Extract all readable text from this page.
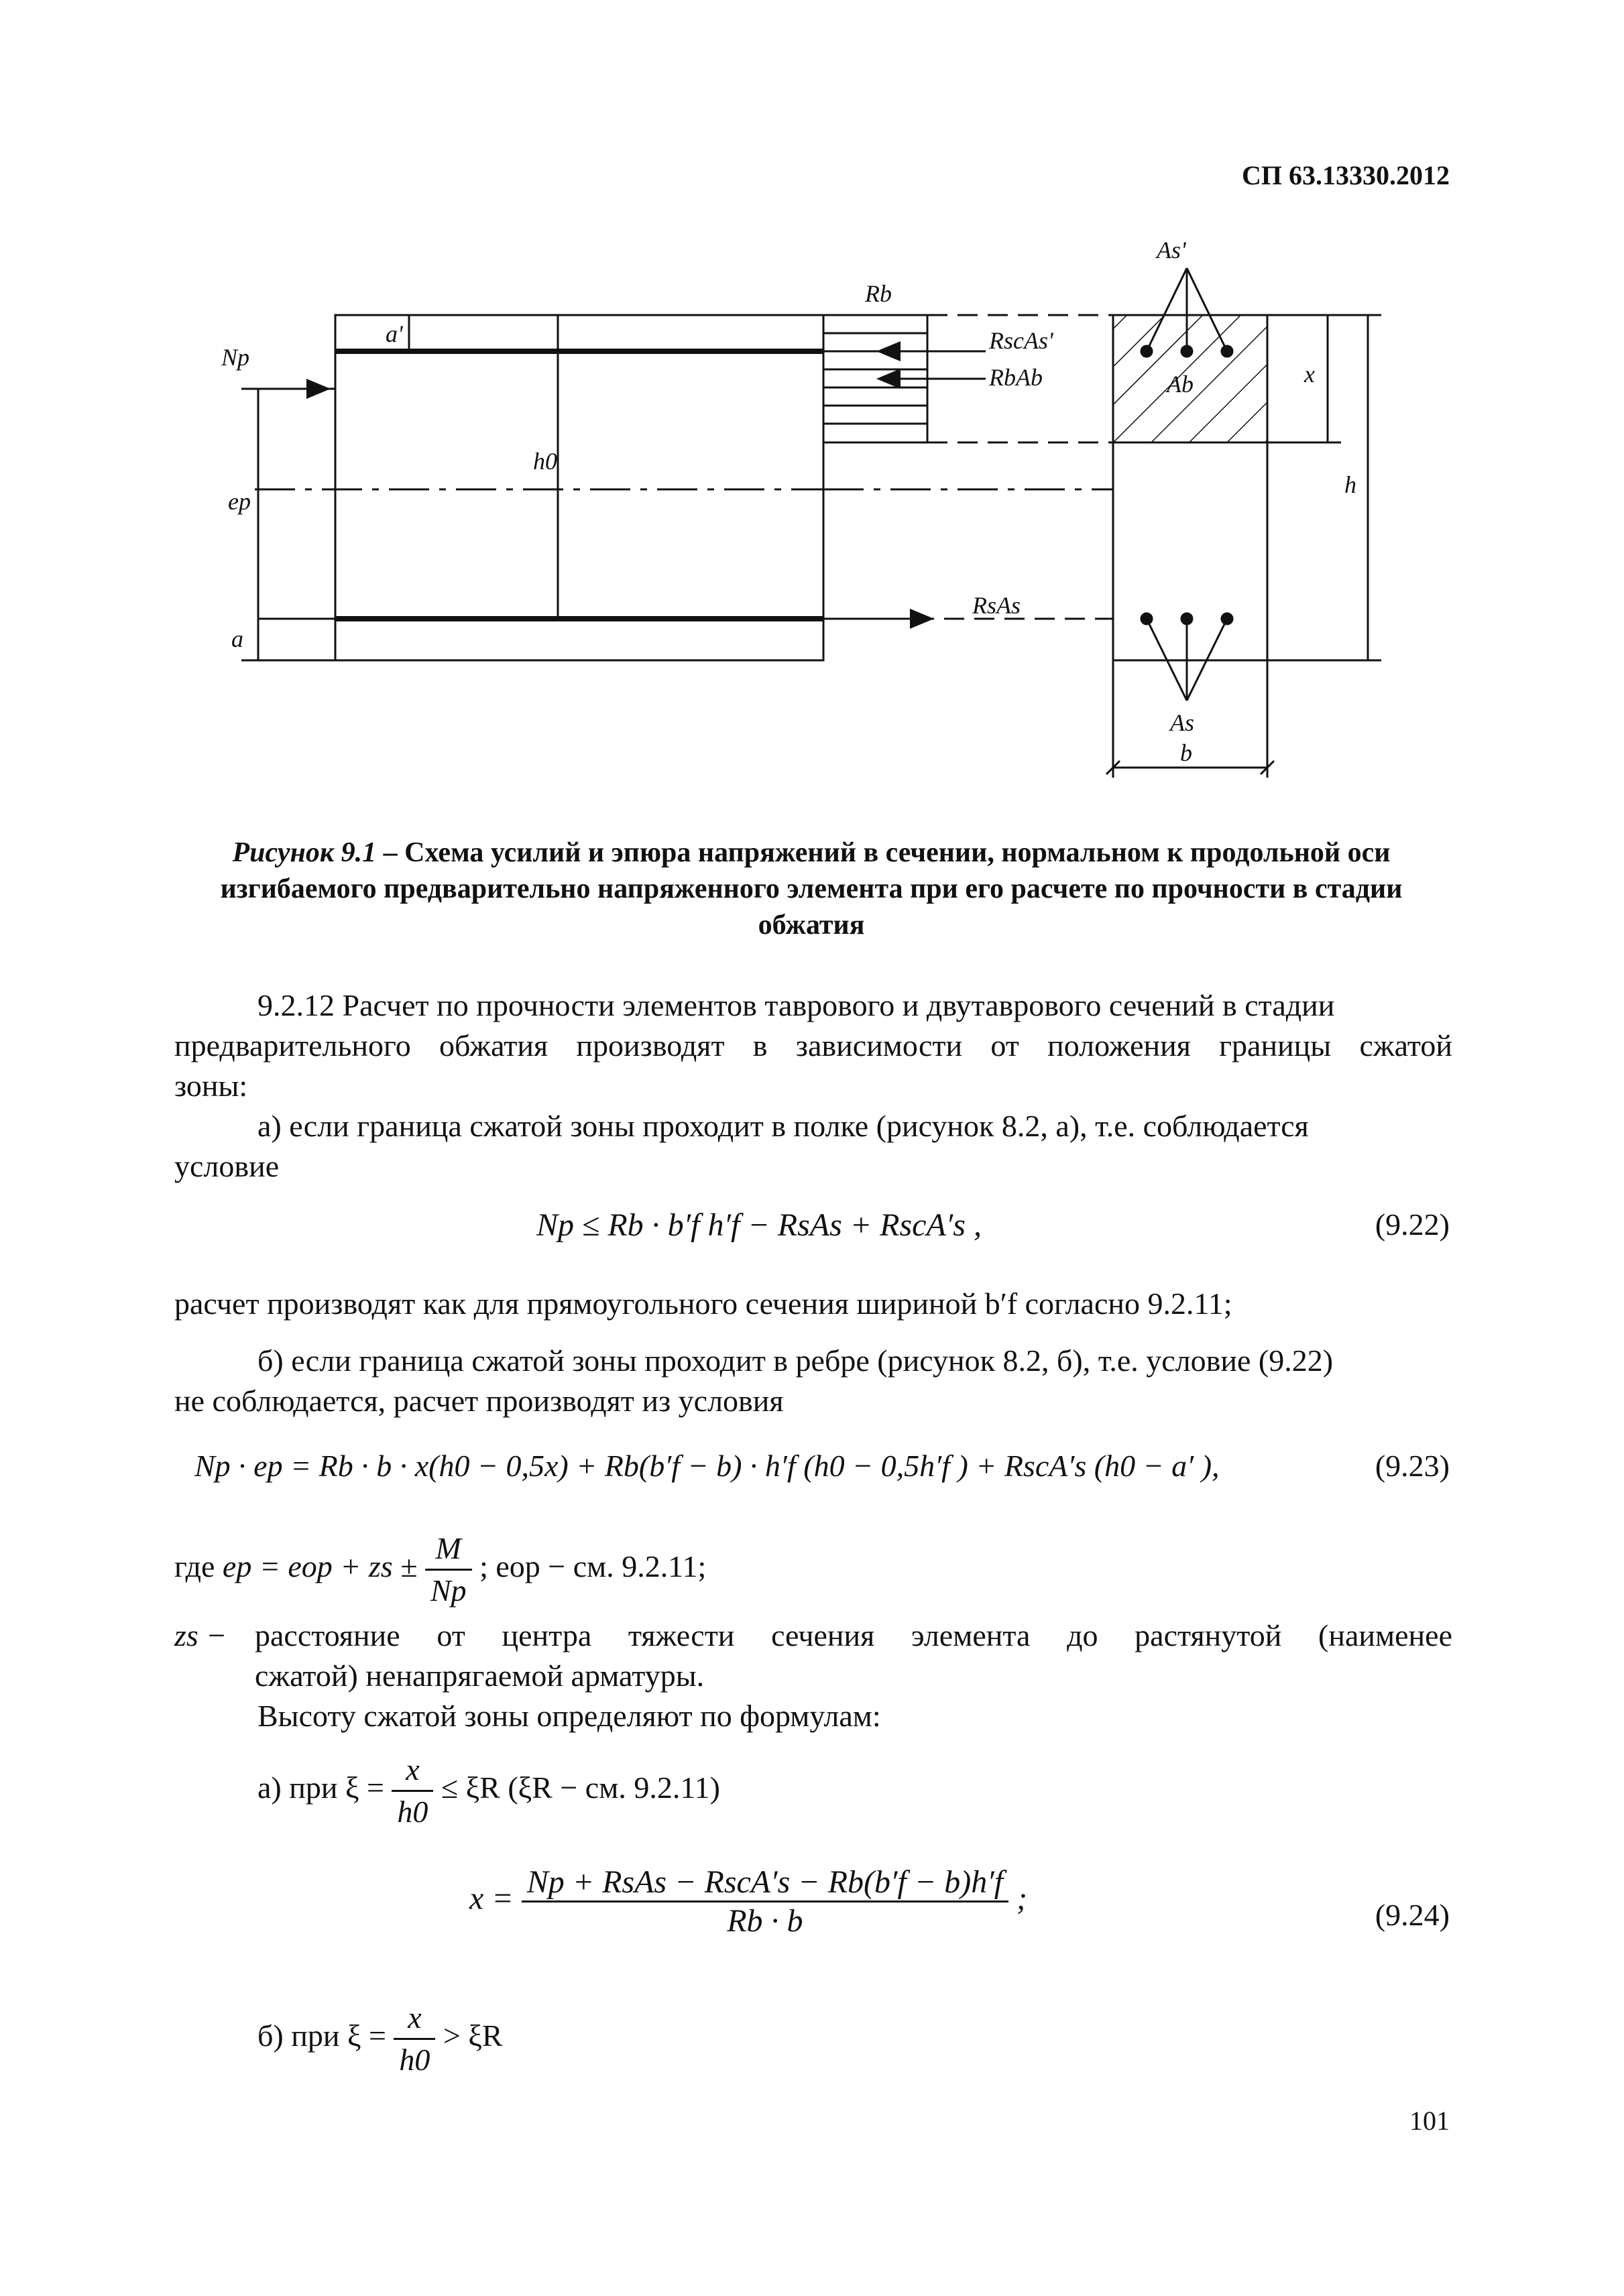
СП 63.13330.2012
Np
ep
a'
a
h0
Rb
RscAs'
RbAb
RsAs
As'
Ab
As
b
h
x
Рисунок 9.1 – Схема усилий и эпюра напряжений в сечении, нормальном к продольной оси изгибаемого предварительно напряженного элемента при его расчете по прочности в стадии обжатия
9.2.12 Расчет по прочности элементов таврового и двутаврового сечений в стадии
предварительного обжатия производят в зависимости от положения границы сжатой
зоны:
а) если граница сжатой зоны проходит в полке (рисунок 8.2, а), т.е. соблюдается
условие
Np ≤ Rb · b′f h′f − RsAs + RscA′s ,	(9.22)
расчет производят как для прямоугольного сечения шириной b′f согласно 9.2.11;
б) если граница сжатой зоны проходит в ребре (рисунок 8.2, б), т.е. условие (9.22)
не соблюдается, расчет производят из условия
Np · ep = Rb · b · x(h0 − 0,5x) + Rb(b′f − b) · h′f (h0 − 0,5h′f ) + RscA′s (h0 − a′ ),	(9.23)
где ep = eop + zs ± $\frac{M}{Np}$ ; eop − см. 9.2.11;
zs − расстояние от центра тяжести сечения элемента до растянутой (наименее
сжатой) ненапрягаемой арматуры.
Высоту сжатой зоны определяют по формулам:
а) при $\xi = \frac{x}{h0} \le \xi R$ (ξR − см. 9.2.11)
$x = \frac{\text{Np + RsAs − RscA′s − Rb(b′f − b)h′f}}{Rb \cdot b}$ ;	(9.24)
б) при $\xi = \frac{x}{h0} > \xi R$
101
